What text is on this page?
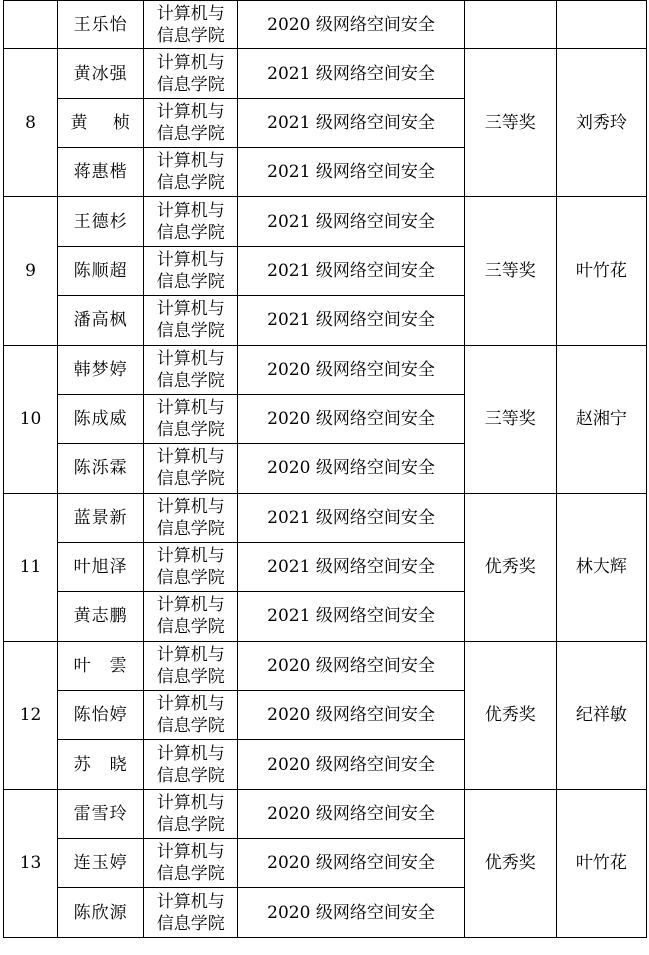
	王乐怡	计算机与
信息学院	2020 级网络空间安全		
8	黄冰强	计算机与
信息学院	2021 级网络空间安全	三等奖	刘秀玲
	黄　 桢	计算机与
信息学院	2021 级网络空间安全		
	蒋惠楷	计算机与
信息学院	2021 级网络空间安全		
9	王德杉	计算机与
信息学院	2021 级网络空间安全	三等奖	叶竹花
	陈顺超	计算机与
信息学院	2021 级网络空间安全		
	潘高枫	计算机与
信息学院	2021 级网络空间安全		
10	韩梦婷	计算机与
信息学院	2020 级网络空间安全	三等奖	赵湘宁
	陈成威	计算机与
信息学院	2020 级网络空间安全		
	陈泺霖	计算机与
信息学院	2020 级网络空间安全		
11	蓝景新	计算机与
信息学院	2021 级网络空间安全	优秀奖	林大辉
	叶旭泽	计算机与
信息学院	2021 级网络空间安全		
	黄志鹏	计算机与
信息学院	2021 级网络空间安全		
12	叶　雲	计算机与
信息学院	2020 级网络空间安全	优秀奖	纪祥敏
	陈怡婷	计算机与
信息学院	2020 级网络空间安全		
	苏　晓	计算机与
信息学院	2020 级网络空间安全		
13	雷雪玲	计算机与
信息学院	2020 级网络空间安全	优秀奖	叶竹花
	连玉婷	计算机与
信息学院	2020 级网络空间安全		
	陈欣源	计算机与
信息学院	2020 级网络空间安全		
